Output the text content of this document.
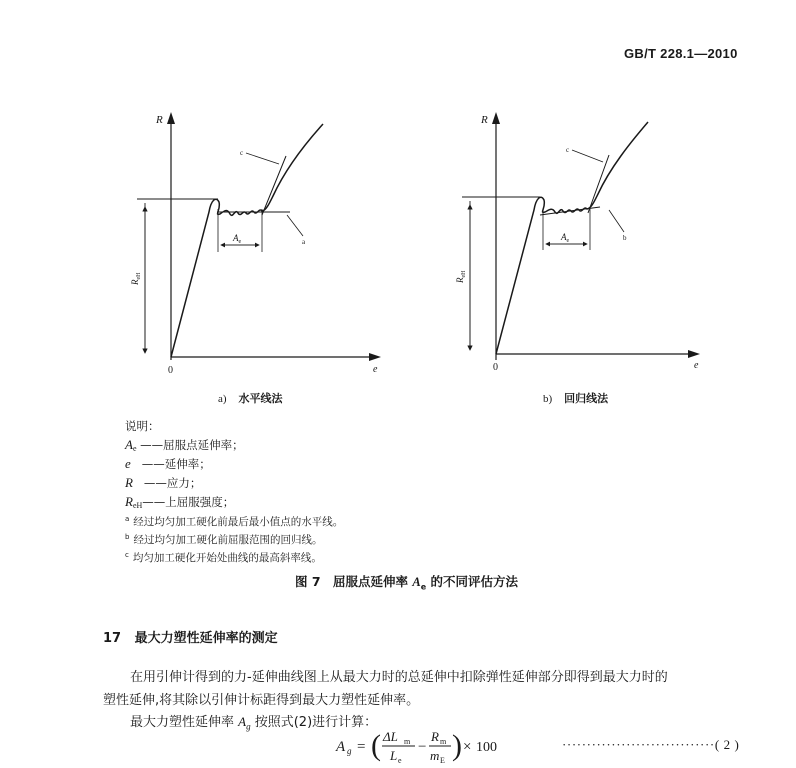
GB/T 228.1—2010
R
e
0
$A_e$
$R_{eH}$
c
a
a) 水平线法
R
e
0
$A_e$
$R_{eH}$
c
b
b) 回归线法
说明：
$A_e$ ——屈服点延伸率；
e ——延伸率；
R ——应力；
$R_{eH}——$上屈服强度；
$^a$ 经过均匀加工硬化前最后最小值点的水平线。
$^b$ 经过均匀加工硬化前屈服范围的回归线。
$^c$ 均匀加工硬化开始处曲线的最高斜率线。
图 7　屈服点延伸率 $A_e$ 的不同评估方法
17 最大力塑性延伸率的测定
在用引伸计得到的力-延伸曲线图上从最大力时的总延伸中扣除弹性延伸部分即得到最大力时的
塑性延伸,将其除以引伸计标距得到最大力塑性延伸率。
最大力塑性延伸率 $A_g$ 按照式(2)进行计算：
A g = ( ΔL m
L e
−
R m
m E ) × 100	·······························( 2 )
